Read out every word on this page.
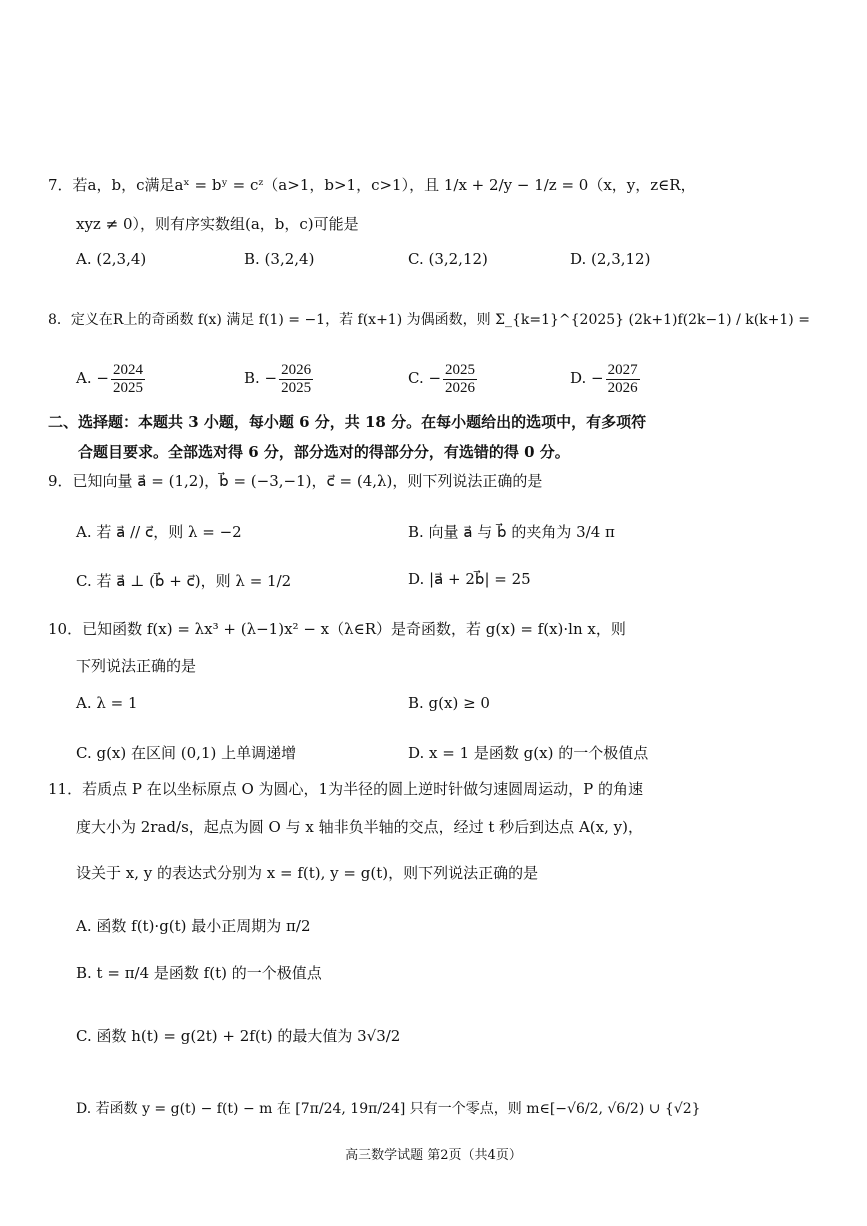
7．若a，b，c满足aˣ = bʸ = cᶻ（a>1，b>1，c>1），且 1/x + 2/y − 1/z = 0（x，y，z∈R，
xyz ≠ 0），则有序实数组(a，b，c)可能是
A. (2,3,4)	B. (3,2,4)	C. (3,2,12)	D. (2,3,12)
8．定义在R上的奇函数 f(x) 满足 f(1) = −1，若 f(x+1) 为偶函数，则 Σ_{k=1}^{2025} (2k+1)f(2k−1) / k(k+1) =
A. − $\frac{2024}{2025}$	B. − $\frac{2026}{2025}$	C. − $\frac{2025}{2026}$	D. − $\frac{2027}{2026}$
二、选择题：本题共 3 小题，每小题 6 分，共 18 分。在每小题给出的选项中，有多项符
合题目要求。全部选对得 6 分，部分选对的得部分分，有选错的得 0 分。
9．已知向量 a⃗ = (1,2)，b⃗ = (−3,−1)，c⃗ = (4,λ)，则下列说法正确的是
A. 若 a⃗ // c⃗，则 λ = −2	B. 向量 a⃗ 与 b⃗ 的夹角为 3/4 π
C. 若 a⃗ ⊥ (b⃗ + c⃗)，则 λ = 1/2	D. |a⃗ + 2b⃗| = 25
10．已知函数 f(x) = λx³ + (λ−1)x² − x（λ∈R）是奇函数，若 g(x) = f(x)·ln x，则
下列说法正确的是
A. λ = 1	B. g(x) ≥ 0
C. g(x) 在区间 (0,1) 上单调递增	D. x = 1 是函数 g(x) 的一个极值点
11．若质点 P 在以坐标原点 O 为圆心，1为半径的圆上逆时针做匀速圆周运动，P 的角速
度大小为 2rad/s，起点为圆 O 与 x 轴非负半轴的交点，经过 t 秒后到达点 A(x, y)，
设关于 x, y 的表达式分别为 x = f(t), y = g(t)，则下列说法正确的是
A. 函数 f(t)·g(t) 最小正周期为 π/2
B. t = π/4 是函数 f(t) 的一个极值点
C. 函数 h(t) = g(2t) + 2f(t) 的最大值为 3√3/2
D. 若函数 y = g(t) − f(t) − m 在 [7π/24, 19π/24] 只有一个零点，则 m∈[−√6/2, √6/2) ∪ {√2}
高三数学试题 第2页（共4页）
